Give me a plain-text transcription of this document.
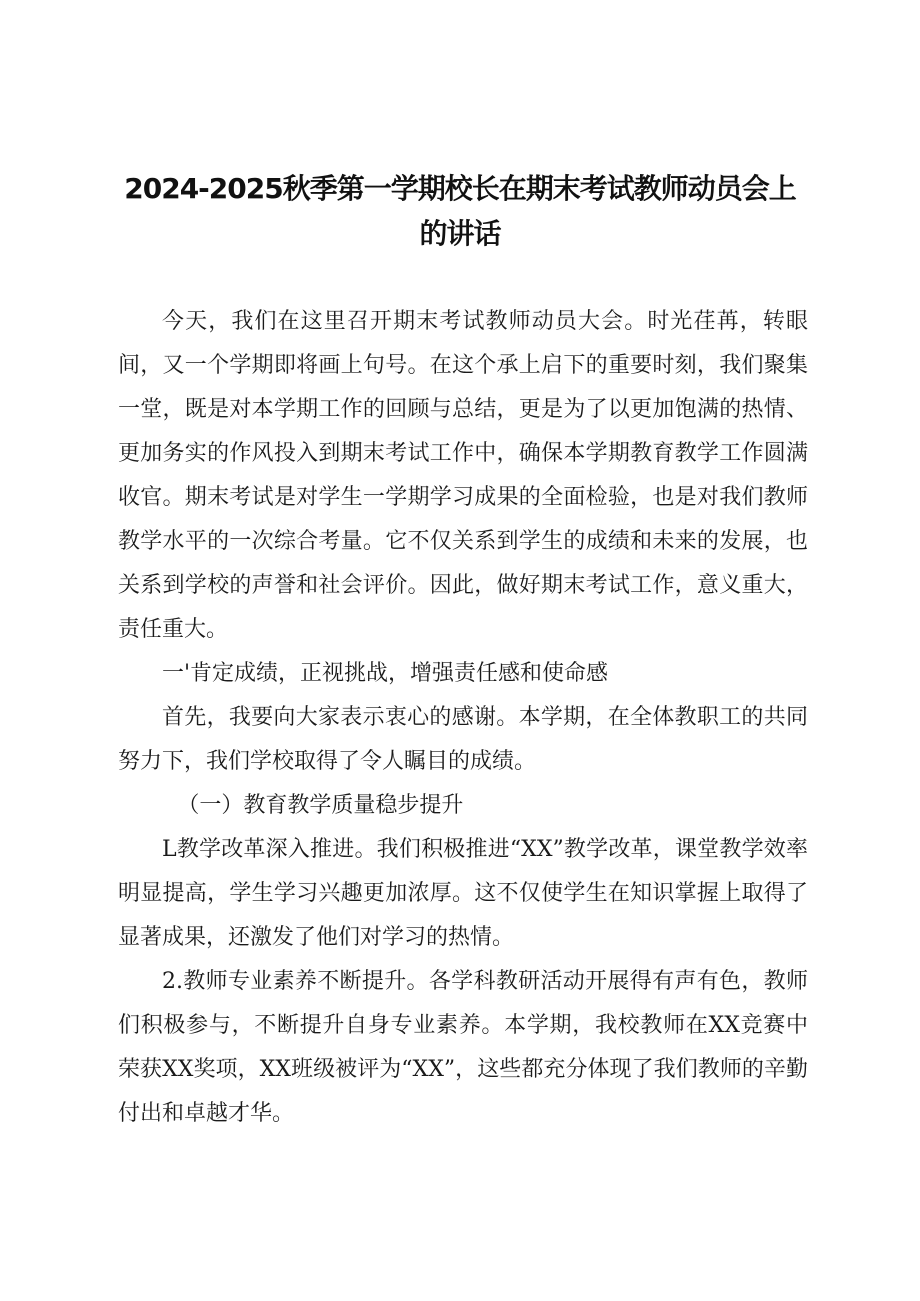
2024-2025秋季第一学期校长在期末考试教师动员会上
的讲话

今天，我们在这里召开期末考试教师动员大会。时光荏苒，转眼间，又一个学期即将画上句号。在这个承上启下的重要时刻，我们聚集一堂，既是对本学期工作的回顾与总结，更是为了以更加饱满的热情、更加务实的作风投入到期末考试工作中，确保本学期教育教学工作圆满收官。期末考试是对学生一学期学习成果的全面检验，也是对我们教师教学水平的一次综合考量。它不仅关系到学生的成绩和未来的发展，也关系到学校的声誉和社会评价。因此，做好期末考试工作，意义重大，责任重大。

一'肯定成绩，正视挑战，增强责任感和使命感

首先，我要向大家表示衷心的感谢。本学期，在全体教职工的共同努力下，我们学校取得了令人瞩目的成绩。

（一）教育教学质量稳步提升

L教学改革深入推进。我们积极推进“XX”教学改革，课堂教学效率明显提高，学生学习兴趣更加浓厚。这不仅使学生在知识掌握上取得了显著成果，还激发了他们对学习的热情。

2.教师专业素养不断提升。各学科教研活动开展得有声有色，教师们积极参与，不断提升自身专业素养。本学期，我校教师在XX竞赛中荣获XX奖项，XX班级被评为“XX”，这些都充分体现了我们教师的辛勤付出和卓越才华。
